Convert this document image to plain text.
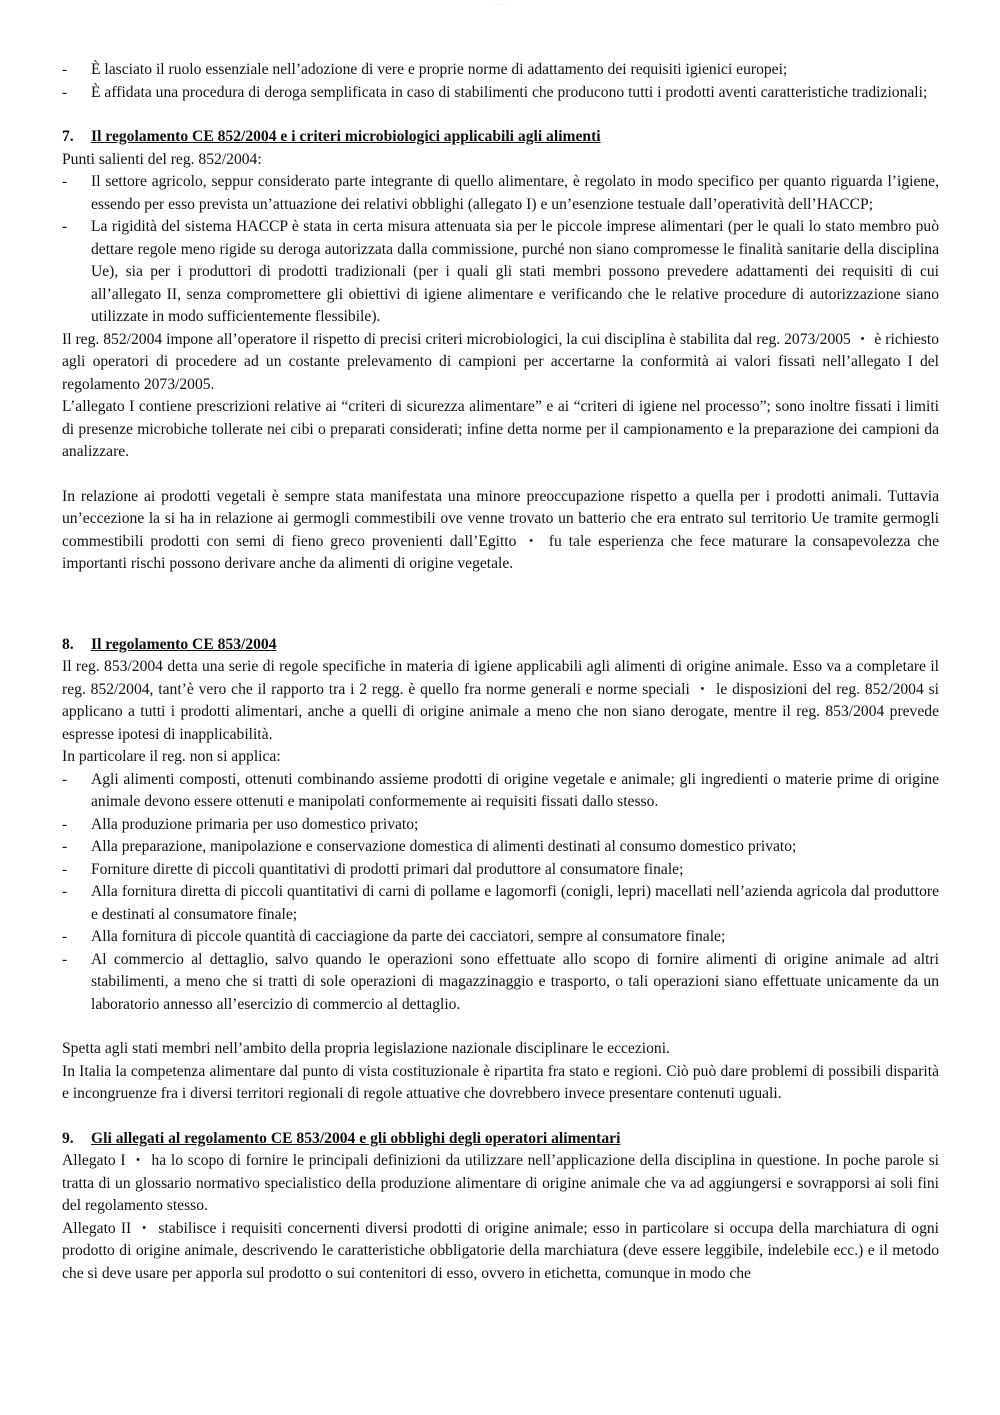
- - - - -
-	È lasciato il ruolo essenziale nell’adozione di vere e proprie norme di adattamento dei requisiti igienici europei;
-	È affidata una procedura di deroga semplificata in caso di stabilimenti che producono tutti i prodotti aventi caratteristiche tradizionali;

7. Il regolamento CE 852/2004 e i criteri microbiologici applicabili agli alimenti

Punti salienti del reg. 852/2004:

-	Il settore agricolo, seppur considerato parte integrante di quello alimentare, è regolato in modo specifico per quanto riguarda l’igiene, essendo per esso prevista un’attuazione dei relativi obblighi (allegato I) e un’esenzione testuale dall’operatività dell’HACCP;
-	La rigidità del sistema HACCP è stata in certa misura attenuata sia per le piccole imprese alimentari (per le quali lo stato membro può dettare regole meno rigide su deroga autorizzata dalla commissione, purché non siano compromesse le finalità sanitarie della disciplina Ue), sia per i produttori di prodotti tradizionali (per i quali gli stati membri possono prevedere adattamenti dei requisiti di cui all’allegato II, senza compromettere gli obiettivi di igiene alimentare e verificando che le relative procedure di autorizzazione siano utilizzate in modo sufficientemente flessibile).

Il reg. 852/2004 impone all’operatore il rispetto di precisi criteri microbiologici, la cui disciplina è stabilita dal reg. 2073/2005 ・ è richiesto agli operatori di procedere ad un costante prelevamento di campioni per accertarne la conformità ai valori fissati nell’allegato I del regolamento 2073/2005.

L’allegato I contiene prescrizioni relative ai “criteri di sicurezza alimentare” e ai “criteri di igiene nel processo”; sono inoltre fissati i limiti di presenze microbiche tollerate nei cibi o preparati considerati; infine detta norme per il campionamento e la preparazione dei campioni da analizzare.

In relazione ai prodotti vegetali è sempre stata manifestata una minore preoccupazione rispetto a quella per i prodotti animali. Tuttavia un’eccezione la si ha in relazione ai germogli commestibili ove venne trovato un batterio che era entrato sul territorio Ue tramite germogli commestibili prodotti con semi di fieno greco provenienti dall’Egitto ・ fu tale esperienza che fece maturare la consapevolezza che importanti rischi possono derivare anche da alimenti di origine vegetale.

8. Il regolamento CE 853/2004

Il reg. 853/2004 detta una serie di regole specifiche in materia di igiene applicabili agli alimenti di origine animale. Esso va a completare il reg. 852/2004, tant’è vero che il rapporto tra i 2 regg. è quello fra norme generali e norme speciali ・ le disposizioni del reg. 852/2004 si applicano a tutti i prodotti alimentari, anche a quelli di origine animale a meno che non siano derogate, mentre il reg. 853/2004 prevede espresse ipotesi di inapplicabilità.

In particolare il reg. non si applica:

-	Agli alimenti composti, ottenuti combinando assieme prodotti di origine vegetale e animale; gli ingredienti o materie prime di origine animale devono essere ottenuti e manipolati conformemente ai requisiti fissati dallo stesso.
-	Alla produzione primaria per uso domestico privato;
-	Alla preparazione, manipolazione e conservazione domestica di alimenti destinati al consumo domestico privato;
-	Forniture dirette di piccoli quantitativi di prodotti primari dal produttore al consumatore finale;
-	Alla fornitura diretta di piccoli quantitativi di carni di pollame e lagomorfi (conigli, lepri) macellati nell’azienda agricola dal produttore e destinati al consumatore finale;
-	Alla fornitura di piccole quantità di cacciagione da parte dei cacciatori, sempre al consumatore finale;
-	Al commercio al dettaglio, salvo quando le operazioni sono effettuate allo scopo di fornire alimenti di origine animale ad altri stabilimenti, a meno che si tratti di sole operazioni di magazzinaggio e trasporto, o tali operazioni siano effettuate unicamente da un laboratorio annesso all’esercizio di commercio al dettaglio.

Spetta agli stati membri nell’ambito della propria legislazione nazionale disciplinare le eccezioni.

In Italia la competenza alimentare dal punto di vista costituzionale è ripartita fra stato e regioni. Ciò può dare problemi di possibili disparità e incongruenze fra i diversi territori regionali di regole attuative che dovrebbero invece presentare contenuti uguali.

9. Gli allegati al regolamento CE 853/2004 e gli obblighi degli operatori alimentari

Allegato I ・ ha lo scopo di fornire le principali definizioni da utilizzare nell’applicazione della disciplina in questione. In poche parole si tratta di un glossario normativo specialistico della produzione alimentare di origine animale che va ad aggiungersi e sovrapporsi ai soli fini del regolamento stesso.

Allegato II ・ stabilisce i requisiti concernenti diversi prodotti di origine animale; esso in particolare si occupa della marchiatura di ogni prodotto di origine animale, descrivendo le caratteristiche obbligatorie della marchiatura (deve essere leggibile, indelebile ecc.) e il metodo che si deve usare per apporla sul prodotto o sui contenitori di esso, ovvero in etichetta, comunque in modo che
